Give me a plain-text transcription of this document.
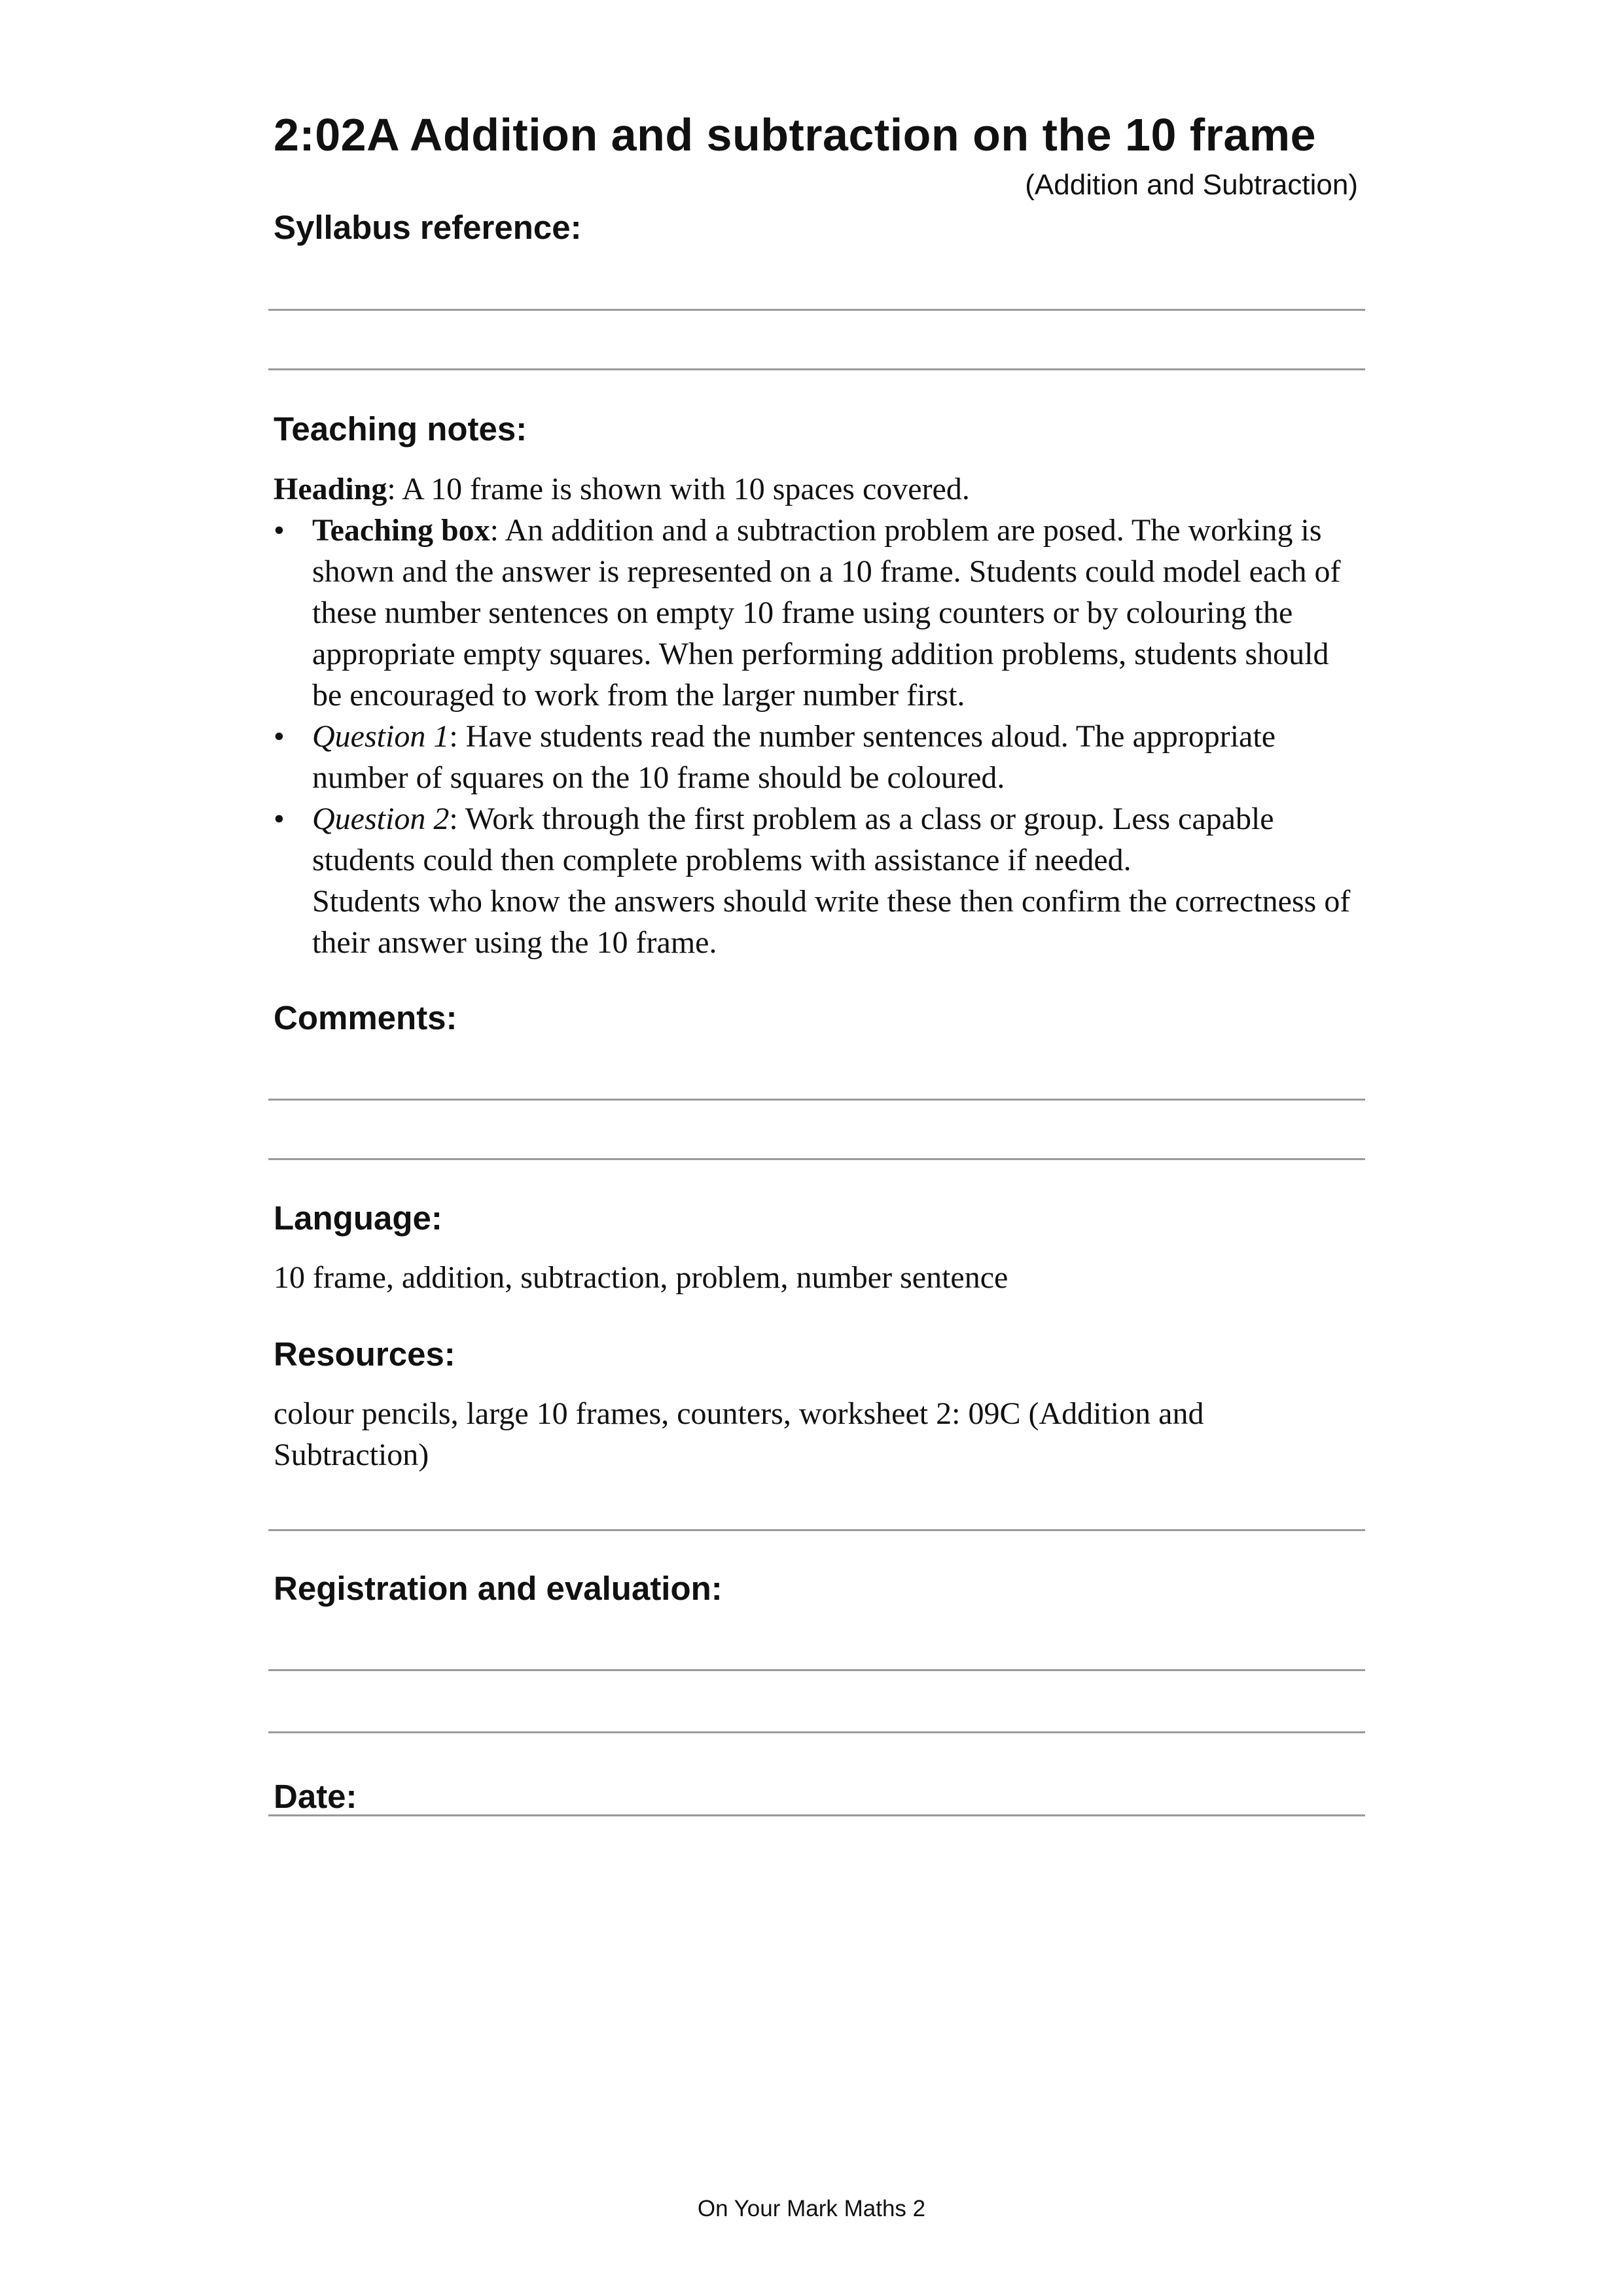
2:02A Addition and subtraction on the 10 frame
(Addition and Subtraction)
Syllabus reference:
Teaching notes:

Heading: A 10 frame is shown with 10 spaces covered.

• Teaching box: An addition and a subtraction problem are posed. The working is shown and the answer is represented on a 10 frame. Students could model each of these number sentences on empty 10 frame using counters or by colouring the appropriate empty squares. When performing addition problems, students should be encouraged to work from the larger number first.

• Question 1: Have students read the number sentences aloud. The appropriate number of squares on the 10 frame should be coloured.

• Question 2: Work through the first problem as a class or group. Less capable students could then complete problems with assistance if needed.

Students who know the answers should write these then confirm the correctness of their answer using the 10 frame.

Comments:
Language:
10 frame, addition, subtraction, problem, number sentence
Resources:
colour pencils, large 10 frames, counters, worksheet 2: 09C (Addition and Subtraction)
Registration and evaluation:
Date:
On Your Mark Maths 2
